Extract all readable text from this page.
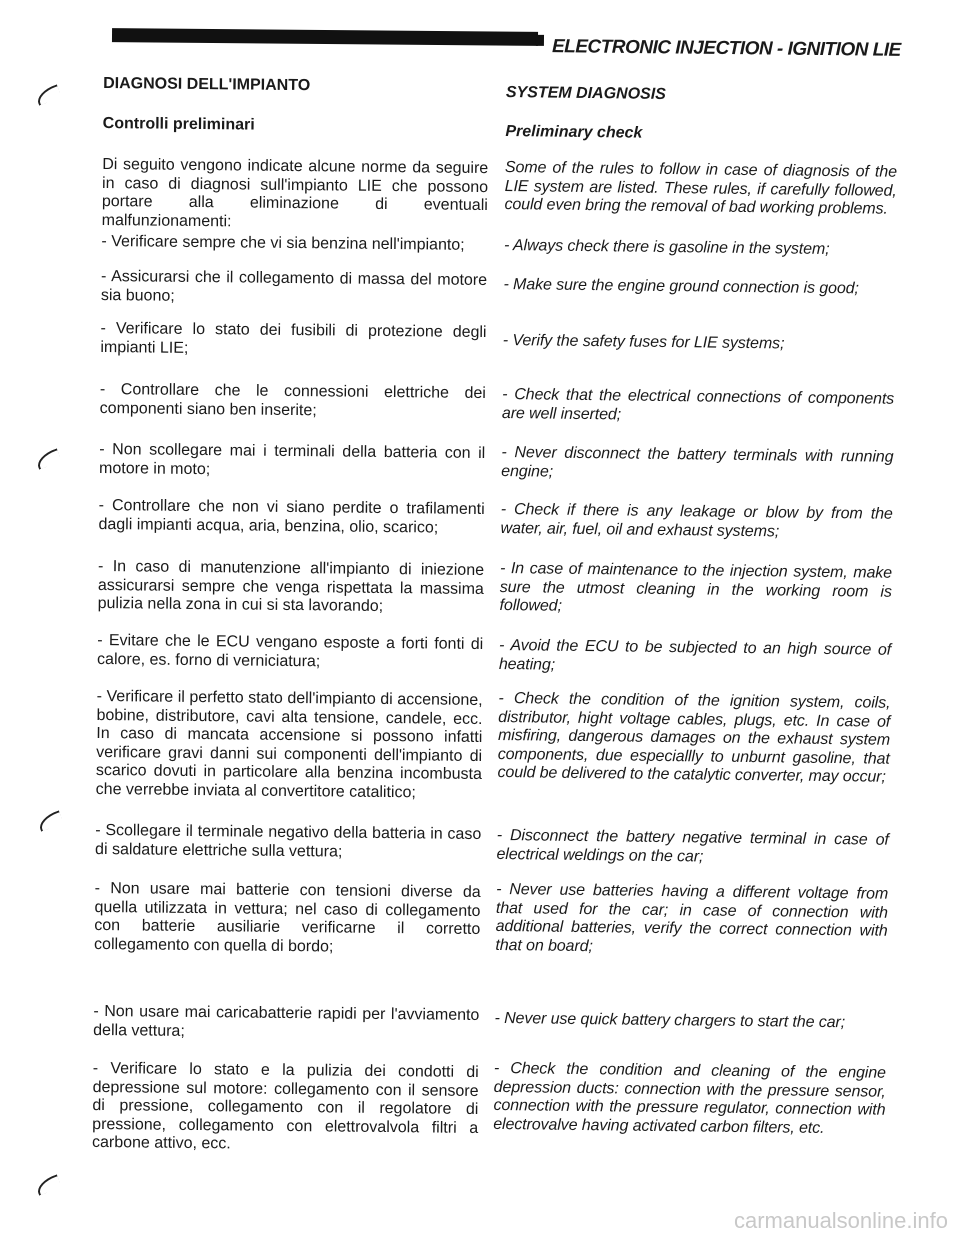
ELECTRONIC INJECTION - IGNITION LIE
DIAGNOSI DELL'IMPIANTO
Controlli preliminari
Di seguito vengono indicate alcune norme da seguire in caso di diagnosi sull'impianto LIE che possono portare alla eliminazione di eventuali malfunzionamenti:
- Verificare sempre che vi sia benzina nell'impianto;
- Assicurarsi che il collegamento di massa del motore sia buono;
- Verificare lo stato dei fusibili di protezione degli impianti LIE;
- Controllare che le connessioni elettriche dei componenti siano ben inserite;
- Non scollegare mai i terminali della batteria con il motore in moto;
- Controllare che non vi siano perdite o trafilamenti dagli impianti acqua, aria, benzina, olio, scarico;
- In caso di manutenzione all'impianto di iniezione assicurarsi sempre che venga rispettata la massima pulizia nella zona in cui si sta lavorando;
- Evitare che le ECU vengano esposte a forti fonti di calore, es. forno di verniciatura;
- Verificare il perfetto stato dell'impianto di accensione, bobine, distributore, cavi alta tensione, candele, ecc. In caso di mancata accensione si possono infatti verificare gravi danni sui componenti dell'impianto di scarico dovuti in particolare alla benzina incombusta che verrebbe inviata al convertitore catalitico;
- Scollegare il terminale negativo della batteria in caso di saldature elettriche sulla vettura;
- Non usare mai batterie con tensioni diverse da quella utilizzata in vettura; nel caso di collegamento con batterie ausiliarie verificarne il corretto collegamento con quella di bordo;
- Non usare mai caricabatterie rapidi per l'avviamento della vettura;
- Verificare lo stato e la pulizia dei condotti di depressione sul motore: collegamento con il sensore di pressione, collegamento con il regolatore di pressione, collegamento con elettrovalvola filtri a carbone attivo, ecc.
SYSTEM DIAGNOSIS
Preliminary check
Some of the rules to follow in case of diagnosis of the LIE system are listed. These rules, if carefully followed, could even bring the removal of bad working problems.
- Always check there is gasoline in the system;
- Make sure the engine ground connection is good;
- Verify the safety fuses for LIE systems;
- Check that the electrical connections of components are well inserted;
- Never disconnect the battery terminals with running engine;
- Check if there is any leakage or blow by from the water, air, fuel, oil and exhaust systems;
- In case of maintenance to the injection system, make sure the utmost cleaning in the working room is followed;
- Avoid the ECU to be subjected to an high source of heating;
- Check the condition of the ignition system, coils, distributor, hight voltage cables, plugs, etc. In case of misfiring, dangerous damages on the exhaust system components, due especiallly to unburnt gasoline, that could be delivered to the catalytic converter, may occur;
- Disconnect the battery negative terminal in case of electrical weldings on the car;
- Never use batteries having a different voltage from that used for the car; in case of connection with additional batteries, verify the correct connection with that on board;
- Never use quick battery chargers to start the car;
- Check the condition and cleaning of the engine depression ducts: connection with the pressure sensor, connection with the pressure regulator, connection with electrovalve having activated carbon filters, etc.
carmanualsonline.info
